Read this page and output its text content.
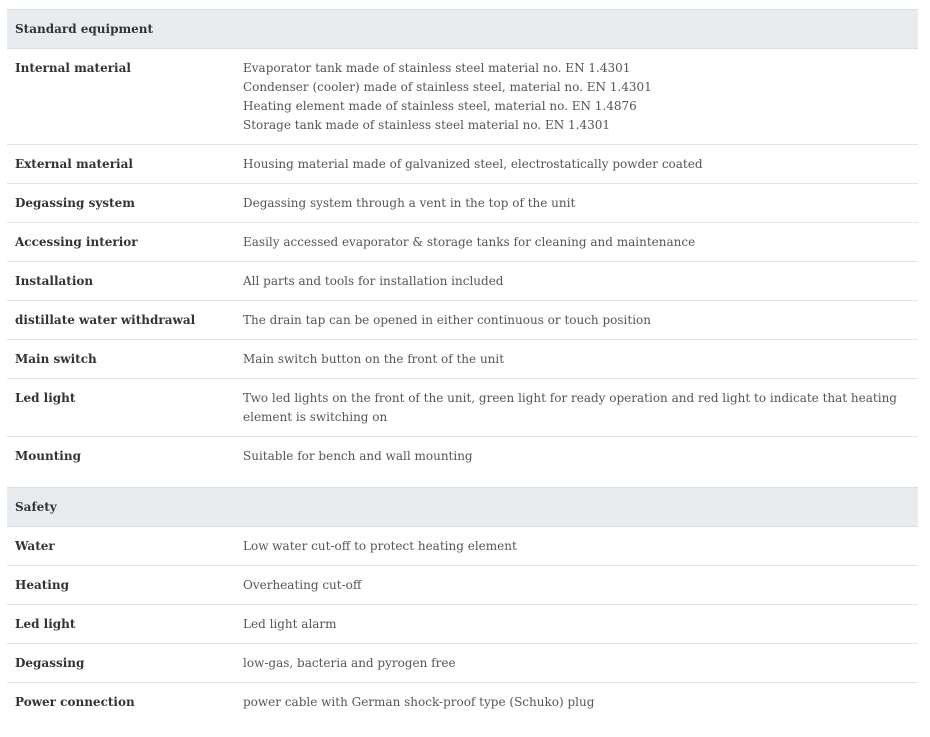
Standard equipment	
Internal material	Evaporator tank made of stainless steel material no. EN 1.4301
Condenser (cooler) made of stainless steel, material no. EN 1.4301
Heating element made of stainless steel, material no. EN 1.4876
Storage tank made of stainless steel material no. EN 1.4301

External material	Housing material made of galvanized steel, electrostatically powder coated
Degassing system	Degassing system through a vent in the top of the unit
Accessing interior	Easily accessed evaporator & storage tanks for cleaning and maintenance
Installation	All parts and tools for installation included
distillate water withdrawal	The drain tap can be opened in either continuous or touch position
Main switch	Main switch button on the front of the unit
Led light	Two led lights on the front of the unit, green light for ready operation and red light to indicate that heating element is switching on
Mounting	Suitable for bench and wall mounting

Safety	
Water	Low water cut-off to protect heating element
Heating	Overheating cut-off
Led light	Led light alarm
Degassing	low-gas, bacteria and pyrogen free
Power connection	power cable with German shock-proof type (Schuko) plug
